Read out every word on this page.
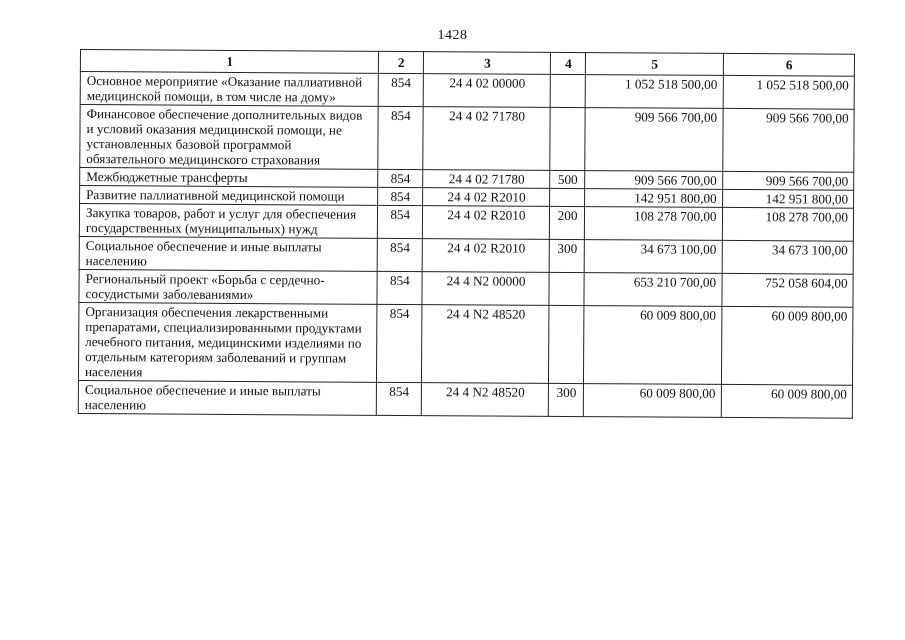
1428
1	2	3	4	5	6
Основное мероприятие «Оказание паллиативной медицинской помощи, в том числе на дому»	854	24 4 02 00000		1 052 518 500,00	1 052 518 500,00
Финансовое обеспечение дополнительных видов и условий оказания медицинской помощи, не установленных базовой программой обязательного медицинского страхования	854	24 4 02 71780		909 566 700,00	909 566 700,00
Межбюджетные трансферты	854	24 4 02 71780	500	909 566 700,00	909 566 700,00
Развитие паллиативной медицинской помощи	854	24 4 02 R2010		142 951 800,00	142 951 800,00
Закупка товаров, работ и услуг для обеспечения государственных (муниципальных) нужд	854	24 4 02 R2010	200	108 278 700,00	108 278 700,00
Социальное обеспечение и иные выплаты населению	854	24 4 02 R2010	300	34 673 100,00	34 673 100,00
Региональный проект «Борьба с сердечно-сосудистыми заболеваниями»	854	24 4 N2 00000		653 210 700,00	752 058 604,00
Организация обеспечения лекарственными препаратами, специализированными продуктами лечебного питания, медицинскими изделиями по отдельным категориям заболеваний и группам населения	854	24 4 N2 48520		60 009 800,00	60 009 800,00
Социальное обеспечение и иные выплаты населению	854	24 4 N2 48520	300	60 009 800,00	60 009 800,00
